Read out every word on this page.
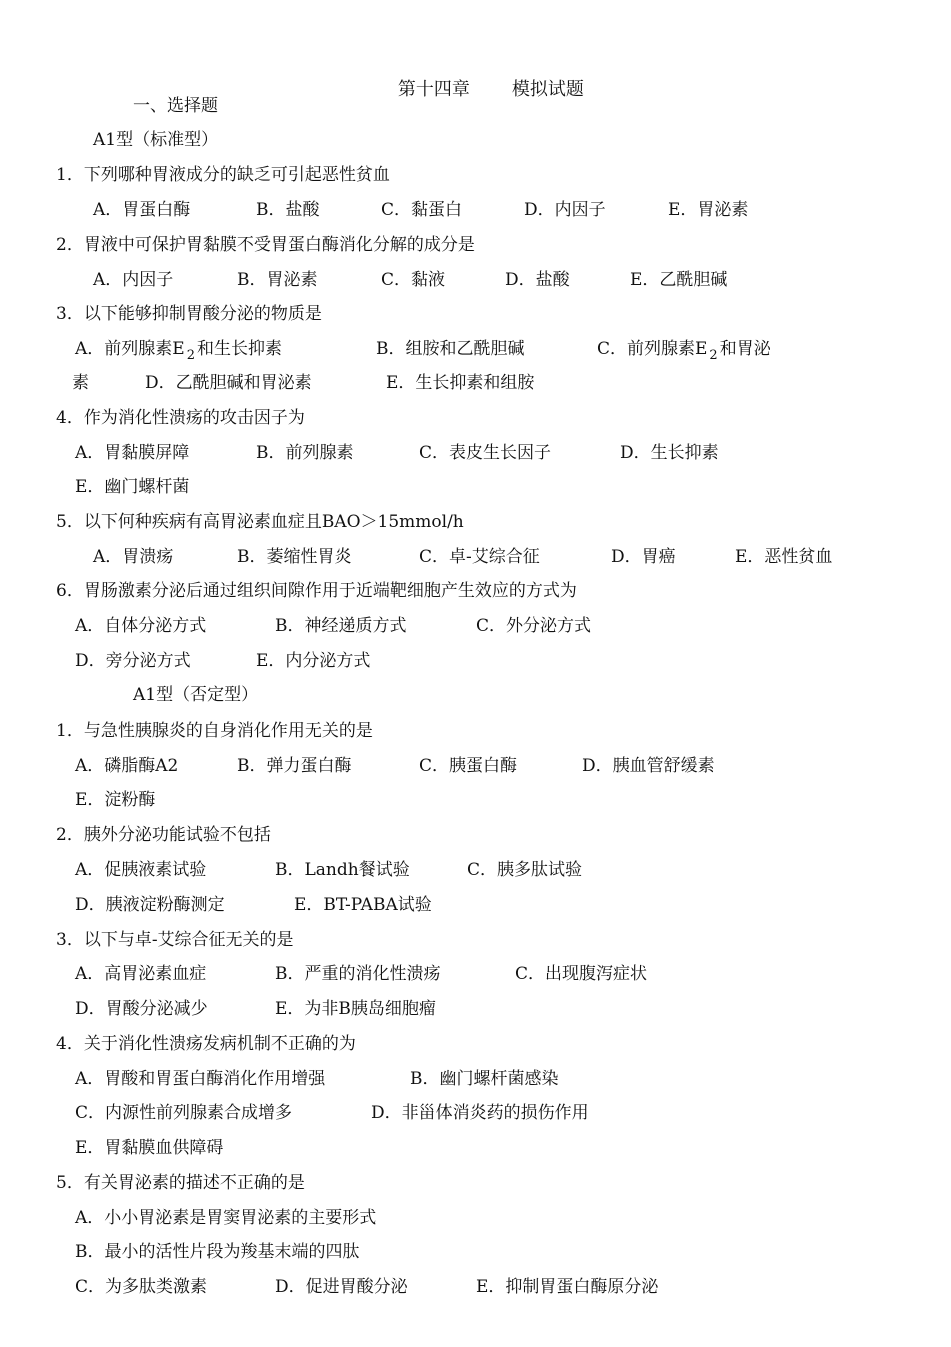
第十四章 模拟试题

一、选择题
A1型（标准型）
1．下列哪种胃液成分的缺乏可引起恶性贫血
A．胃蛋白酶	B．盐酸	C．黏蛋白	D．内因子	E．胃泌素
2．胃液中可保护胃黏膜不受胃蛋白酶消化分解的成分是
A．内因子	B．胃泌素	C．黏液	D．盐酸	E．乙酰胆碱
3．以下能够抑制胃酸分泌的物质是
A．前列腺素E $_2$ 和生长抑素	B．组胺和乙酰胆碱	C．前列腺素E $_2$ 和胃泌
素	D．乙酰胆碱和胃泌素	E．生长抑素和组胺
4．作为消化性溃疡的攻击因子为
A．胃黏膜屏障	B．前列腺素	C．表皮生长因子	D．生长抑素
E．幽门螺杆菌
5．以下何种疾病有高胃泌素血症且BAO＞15mmol/h
A．胃溃疡	B．萎缩性胃炎	C．卓-艾综合征	D．胃癌	E．恶性贫血
6．胃肠激素分泌后通过组织间隙作用于近端靶细胞产生效应的方式为
A．自体分泌方式	B．神经递质方式	C．外分泌方式
D．旁分泌方式	E．内分泌方式
A1型（否定型）
1．与急性胰腺炎的自身消化作用无关的是
A．磷脂酶A2	B．弹力蛋白酶	C．胰蛋白酶	D．胰血管舒缓素
E．淀粉酶
2．胰外分泌功能试验不包括
A．促胰液素试验	B．Landh餐试验	C．胰多肽试验
D．胰液淀粉酶测定	E．BT-PABA试验
3．以下与卓-艾综合征无关的是
A．高胃泌素血症	B．严重的消化性溃疡	C．出现腹泻症状
D．胃酸分泌减少	E．为非B胰岛细胞瘤
4．关于消化性溃疡发病机制不正确的为
A．胃酸和胃蛋白酶消化作用增强	B．幽门螺杆菌感染
C．内源性前列腺素合成增多	D．非甾体消炎药的损伤作用
E．胃黏膜血供障碍
5．有关胃泌素的描述不正确的是
A．小小胃泌素是胃窦胃泌素的主要形式
B．最小的活性片段为羧基末端的四肽
C．为多肽类激素	D．促进胃酸分泌	E．抑制胃蛋白酶原分泌
